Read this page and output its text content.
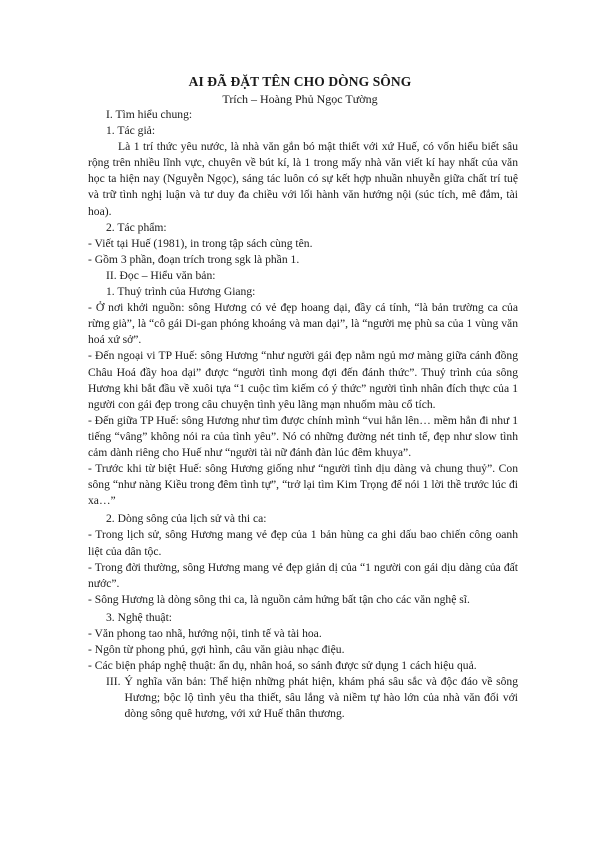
AI ĐÃ ĐẶT TÊN CHO DÒNG SÔNG
Trích – Hoàng Phủ Ngọc Tường

I. Tìm hiểu chung:

1. Tác giả:

Là 1 trí thức yêu nước, là nhà văn gắn bó mật thiết với xứ Huế, có vốn hiểu biết sâu rộng trên nhiều lĩnh vực, chuyên về bút kí, là 1 trong mấy nhà văn viết kí hay nhất của văn học ta hiện nay (Nguyễn Ngọc), sáng tác luôn có sự kết hợp nhuần nhuyễn giữa chất trí tuệ và trữ tình nghị luận và tư duy đa chiều với lối hành văn hướng nội (súc tích, mê đắm, tài hoa).

2. Tác phẩm:

- Viết tại Huế (1981), in trong tập sách cùng tên.

- Gồm 3 phần, đoạn trích trong sgk là phần 1.

II. Đọc – Hiểu văn bản:

1. Thuỷ trình của Hương Giang:

- Ở nơi khởi nguồn: sông Hương có vẻ đẹp hoang dại, đầy cá tính, “là bản trường ca của rừng già”, là “cô gái Di-gan phóng khoáng và man dại”, là “người mẹ phù sa của 1 vùng văn hoá xứ sở”.

- Đến ngoại vi TP Huế: sông Hương “như người gái đẹp nằm ngủ mơ màng giữa cánh đồng Châu Hoá đầy hoa dại” được “người tình mong đợi đến đánh thức”. Thuỷ trình của sông Hương khi bắt đầu về xuôi tựa “1 cuộc tìm kiếm có ý thức” người tình nhân đích thực của 1 người con gái đẹp trong câu chuyện tình yêu lãng mạn nhuốm màu cổ tích.

- Đến giữa TP Huế: sông Hương như tìm được chính mình “vui hẳn lên… mềm hẳn đi như 1 tiếng “vâng” không nói ra của tình yêu”. Nó có những đường nét tinh tế, đẹp như slow tình cảm dành riêng cho Huế như “người tài nữ đánh đàn lúc đêm khuya”.

- Trước khi từ biệt Huế: sông Hương giống như “người tình dịu dàng và chung thuỷ”. Con sông “như nàng Kiều trong đêm tình tự”, “trở lại tìm Kim Trọng để nói 1 lời thề trước lúc đi xa…”

2. Dòng sông của lịch sử và thi ca:

- Trong lịch sử, sông Hương mang vẻ đẹp của 1 bản hùng ca ghi dấu bao chiến công oanh liệt của dân tộc.

- Trong đời thường, sông Hương mang vẻ đẹp giản dị của “1 người con gái dịu dàng của đất nước”.

- Sông Hương là dòng sông thi ca, là nguồn cảm hứng bất tận cho các văn nghệ sĩ.

3. Nghệ thuật:

- Văn phong tao nhã, hướng nội, tinh tế và tài hoa.

- Ngôn từ phong phú, gợi hình, câu văn giàu nhạc điệu.

- Các biện pháp nghệ thuật: ẩn dụ, nhân hoá, so sánh được sử dụng 1 cách hiệu quả.

III. Ý nghĩa văn bản: Thể hiện những phát hiện, khám phá sâu sắc và độc đáo về sông Hương; bộc lộ tình yêu tha thiết, sâu lắng và niềm tự hào lớn của nhà văn đối với dòng sông quê hương, với xứ Huế thân thương.
